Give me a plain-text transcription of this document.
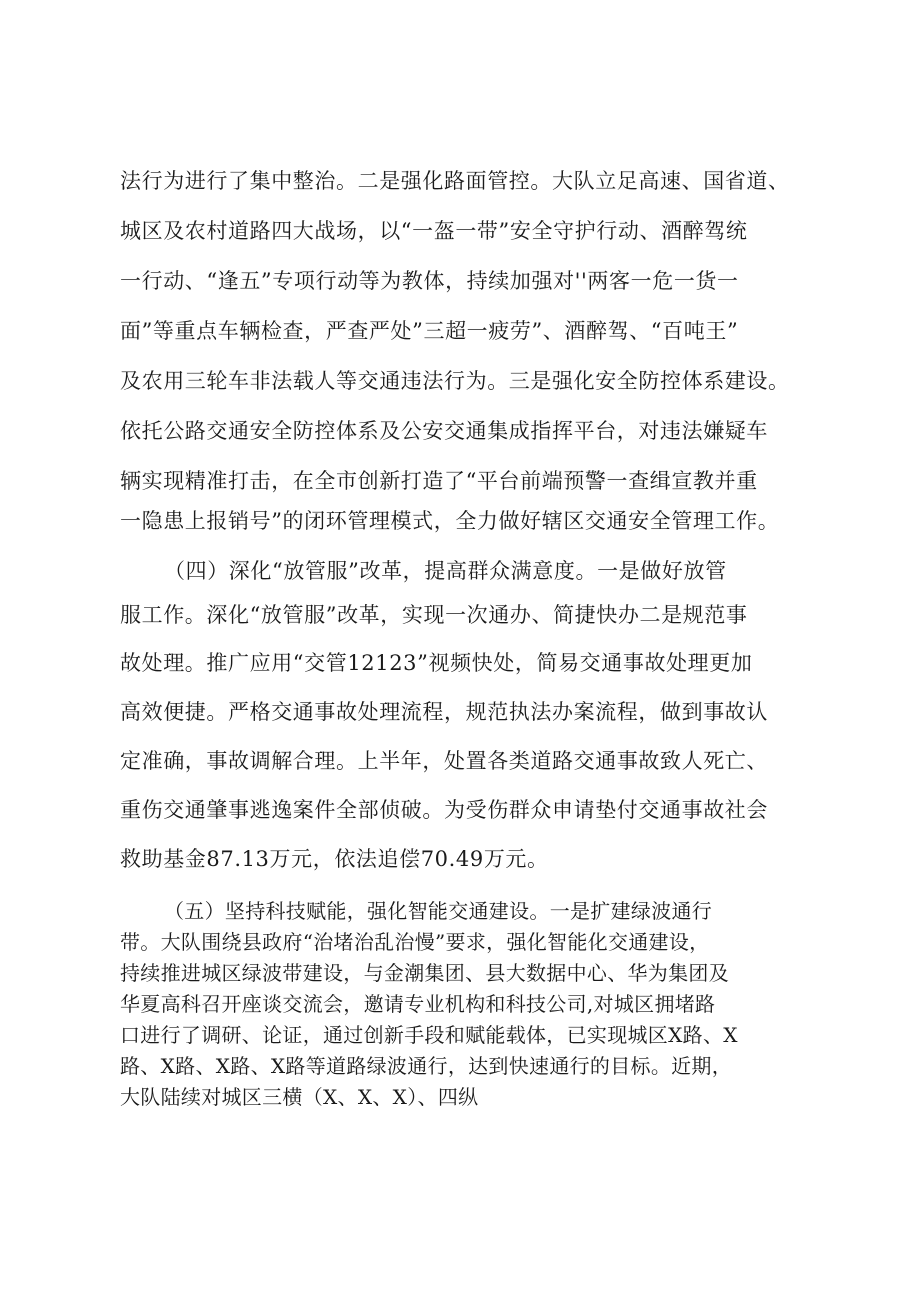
法行为进行了集中整治。二是强化路面管控。大队立足高速、国省道、
城区及农村道路四大战场，以“一盔一带”安全守护行动、酒醉驾统
一行动、“逢五”专项行动等为教体，持续加强对''两客一危一货一
面”等重点车辆检查，严查严处”三超一疲劳”、酒醉驾、“百吨王”
及农用三轮车非法载人等交通违法行为。三是强化安全防控体系建设。
依托公路交通安全防控体系及公安交通集成指挥平台，对违法嫌疑车
辆实现精准打击，在全市创新打造了“平台前端预警一查缉宣教并重
一隐患上报销号”的闭环管理模式，全力做好辖区交通安全管理工作。
（四）深化“放管服”改革，提高群众满意度。一是做好放管
服工作。深化“放管服”改革，实现一次通办、简捷快办二是规范事
故处理。推广应用“交管12123”视频快处，简易交通事故处理更加
高效便捷。严格交通事故处理流程，规范执法办案流程，做到事故认
定准确，事故调解合理。上半年，处置各类道路交通事故致人死亡、
重伤交通肇事逃逸案件全部侦破。为受伤群众申请垫付交通事故社会
救助基金87.13万元，依法追偿70.49万元。
（五）坚持科技赋能，强化智能交通建设。一是扩建绿波通行
带。大队围绕县政府“治堵治乱治慢”要求，强化智能化交通建设，
持续推进城区绿波带建设，与金潮集团、县大数据中心、华为集团及
华夏高科召开座谈交流会，邀请专业机构和科技公司,对城区拥堵路
口进行了调研、论证，通过创新手段和赋能载体，已实现城区X路、X
路、X路、X路、X路等道路绿波通行，达到快速通行的目标。近期，
大队陆续对城区三横（X、X、X）、四纵
